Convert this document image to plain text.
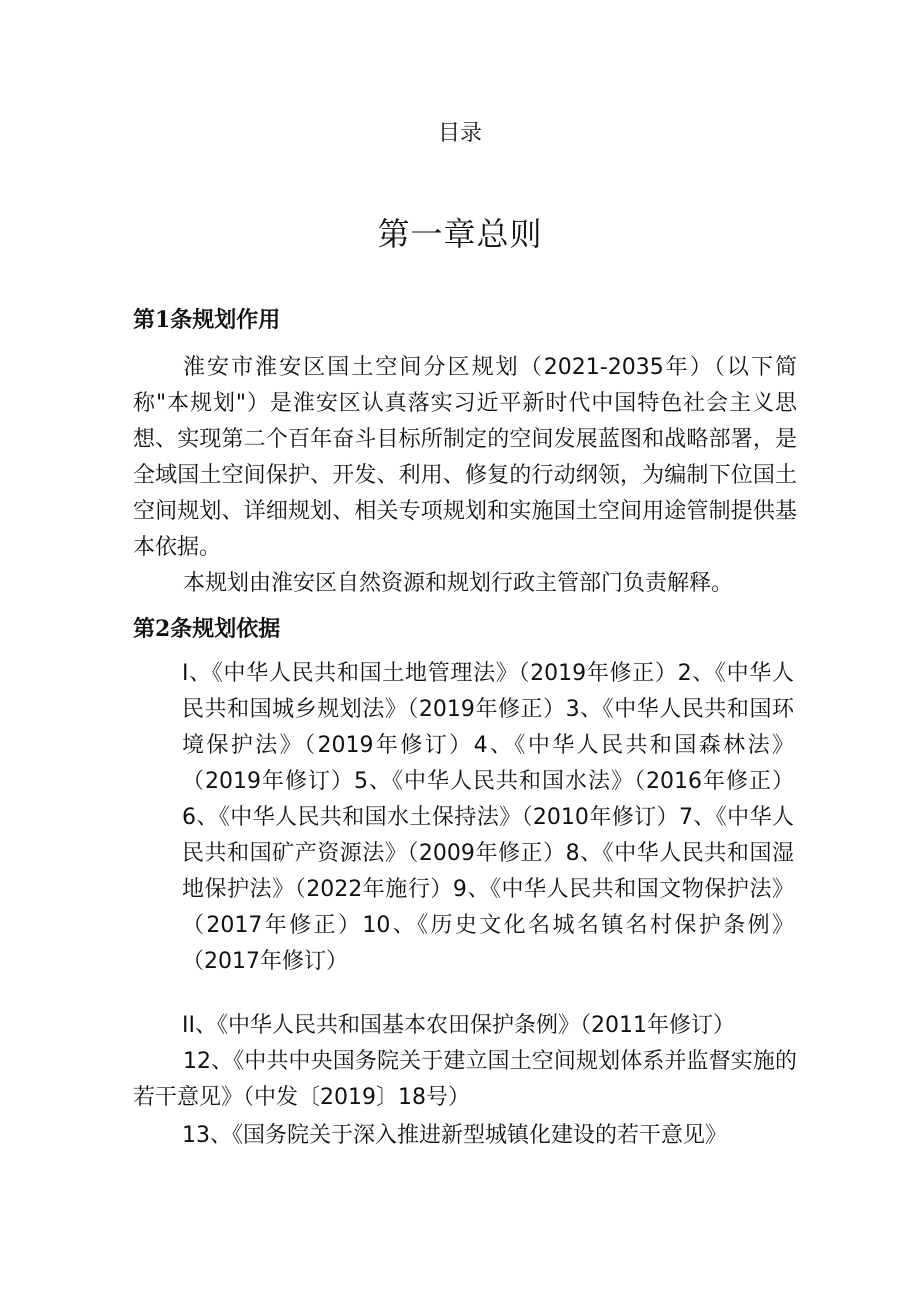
目录
第一章总则
第1条规划作用

淮安市淮安区国土空间分区规划（2021-2035年）（以下简称"本规划"）是淮安区认真落实习近平新时代中国特色社会主义思想、实现第二个百年奋斗目标所制定的空间发展蓝图和战略部署，是全域国土空间保护、开发、利用、修复的行动纲领，为编制下位国土空间规划、详细规划、相关专项规划和实施国土空间用途管制提供基本依据。

本规划由淮安区自然资源和规划行政主管部门负责解释。

第2条规划依据

I、《中华人民共和国土地管理法》（2019年修正）2、《中华人民共和国城乡规划法》（2019年修正）3、《中华人民共和国环境保护法》（2019年修订）4、《中华人民共和国森林法》（2019年修订）5、《中华人民共和国水法》（2016年修正）6、《中华人民共和国水土保持法》（2010年修订）7、《中华人民共和国矿产资源法》（2009年修正）8、《中华人民共和国湿地保护法》（2022年施行）9、《中华人民共和国文物保护法》（2017年修正）10、《历史文化名城名镇名村保护条例》（2017年修订）

II、《中华人民共和国基本农田保护条例》（2011年修订）

12、《中共中央国务院关于建立国土空间规划体系并监督实施的若干意见》（中发〔2019〕18号）

13、《国务院关于深入推进新型城镇化建设的若干意见》
